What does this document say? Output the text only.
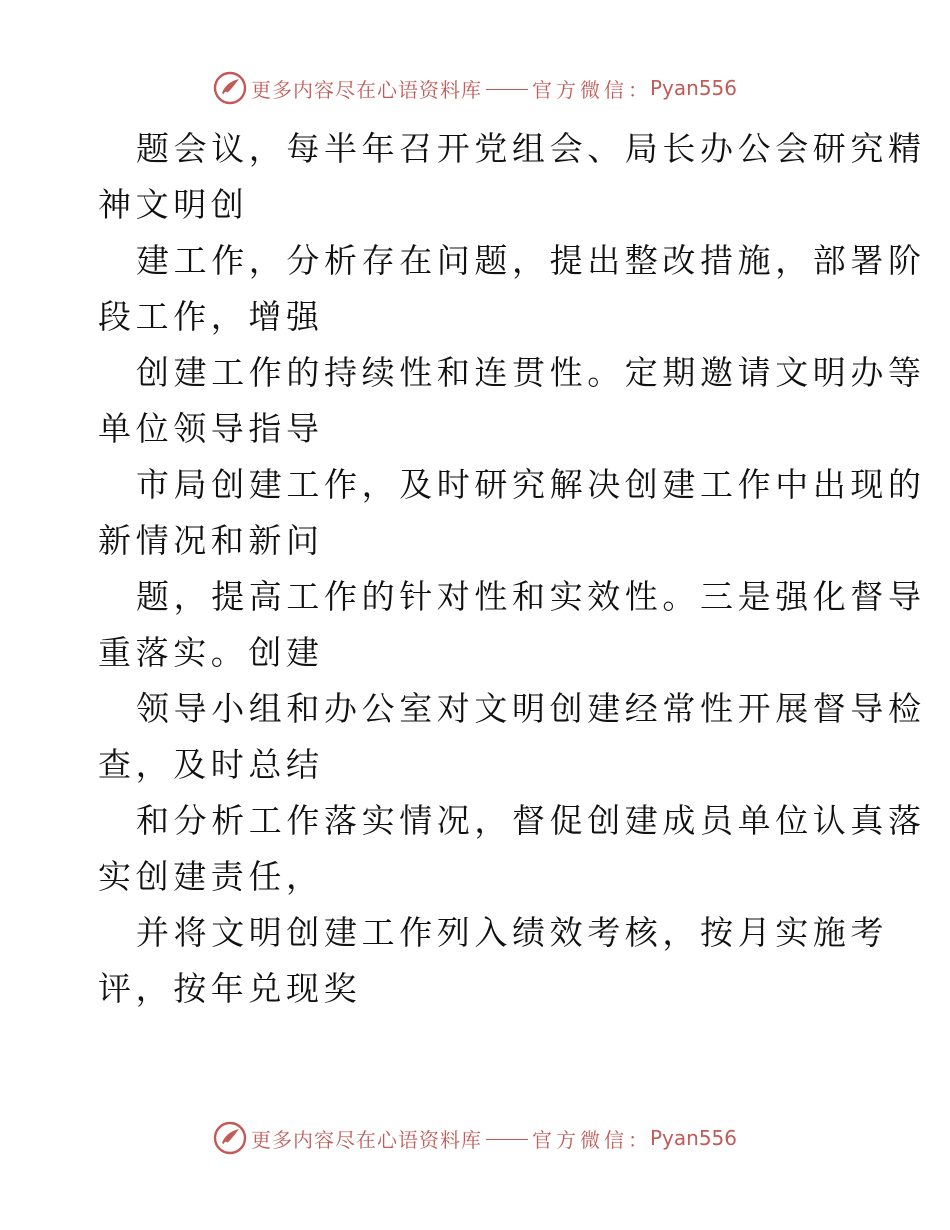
更多内容尽在心语资料库	官方微信：
Pyan556
题会议，每半年召开党组会、局长办公会研究精
神文明创
建工作，分析存在问题，提出整改措施，部署阶
段工作，增强
创建工作的持续性和连贯性。定期邀请文明办等
单位领导指导
市局创建工作，及时研究解决创建工作中出现的
新情况和新问
题，提高工作的针对性和实效性。三是强化督导
重落实。创建
领导小组和办公室对文明创建经常性开展督导检
查，及时总结
和分析工作落实情况，督促创建成员单位认真落
实创建责任，
并将文明创建工作列入绩效考核，按月实施考
评，按年兑现奖
更多内容尽在心语资料库	官方微信：
Pyan556
